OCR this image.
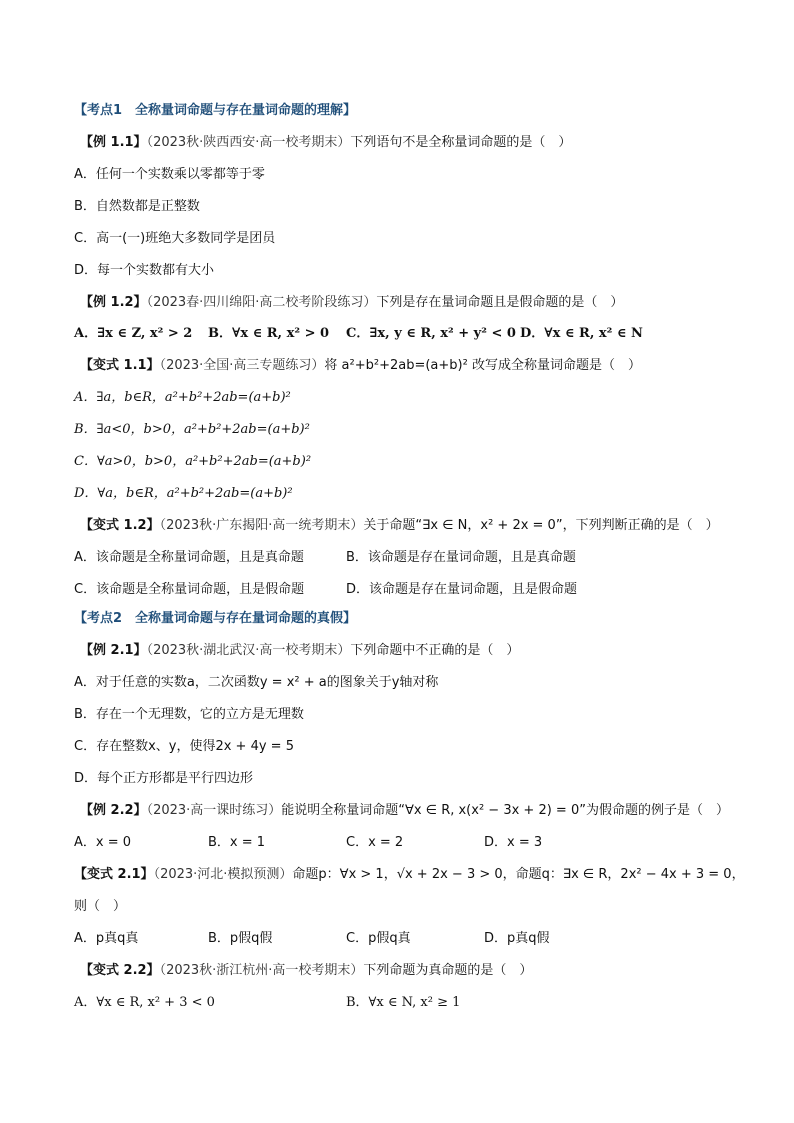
【考点1　全称量词命题与存在量词命题的理解】
【例 1.1】（2023秋·陕西西安·高一校考期末）下列语句不是全称量词命题的是（　）
A．任何一个实数乘以零都等于零
B．自然数都是正整数
C．高一(一)班绝大多数同学是团员
D．每一个实数都有大小
【例 1.2】（2023春·四川绵阳·高二校考阶段练习）下列是存在量词命题且是假命题的是（　）
A．∃x ∈ Z, x² > 2 B．∀x ∈ R, x² > 0 C．∃x, y ∈ R, x² + y² < 0 D．∀x ∈ R, x² ∈ N
【变式 1.1】（2023·全国·高三专题练习）将 a²+b²+2ab=(a+b)² 改写成全称量词命题是（　）
A．∃a，b∈R，a²+b²+2ab=(a+b)²
B．∃a<0，b>0，a²+b²+2ab=(a+b)²
C．∀a>0，b>0，a²+b²+2ab=(a+b)²
D．∀a，b∈R，a²+b²+2ab=(a+b)²
【变式 1.2】（2023秋·广东揭阳·高一统考期末）关于命题“∃x ∈ N，x² + 2x = 0”，下列判断正确的是（　）
A．该命题是全称量词命题，且是真命题	B．该命题是存在量词命题，且是真命题
C．该命题是全称量词命题，且是假命题	D．该命题是存在量词命题，且是假命题
【考点2　全称量词命题与存在量词命题的真假】
【例 2.1】（2023秋·湖北武汉·高一校考期末）下列命题中不正确的是（　）
A．对于任意的实数a，二次函数y = x² + a的图象关于y轴对称
B．存在一个无理数，它的立方是无理数
C．存在整数x、y，使得2x + 4y = 5
D．每个正方形都是平行四边形
【例 2.2】（2023·高一课时练习）能说明全称量词命题“∀x ∈ R, x(x² − 3x + 2) = 0”为假命题的例子是（　）
A．x = 0	B．x = 1	C．x = 2	D．x = 3
【变式 2.1】（2023·河北·模拟预测）命题p：∀x > 1，√x + 2x − 3 > 0，命题q：∃x ∈ R，2x² − 4x + 3 = 0，
则（　）
A．p真q真	B．p假q假	C．p假q真	D．p真q假
【变式 2.2】（2023秋·浙江杭州·高一校考期末）下列命题为真命题的是（　）
A．∀x ∈ R, x² + 3 < 0	B．∀x ∈ N, x² ≥ 1
